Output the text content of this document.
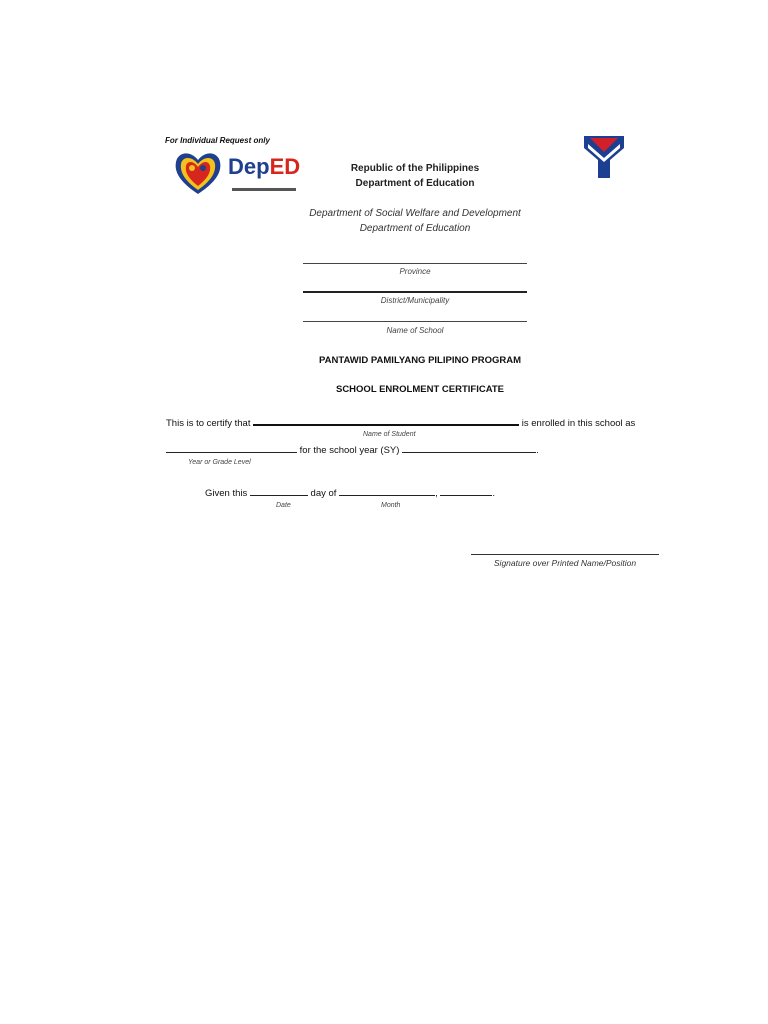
For Individual Request only
DepED	Republic of the Philippines
Department of Education
Department of Social Welfare and Development
Department of Education
Province
District/Municipality
Name of School
PANTAWID PAMILYANG PILIPINO PROGRAM
SCHOOL ENROLMENT CERTIFICATE
This is to certify that	is enrolled in this school as
Name of Student
for the school year (SY)	.
Year or Grade Level
Given this	day of	,	.
Date	Month
Signature over Printed Name/Position
